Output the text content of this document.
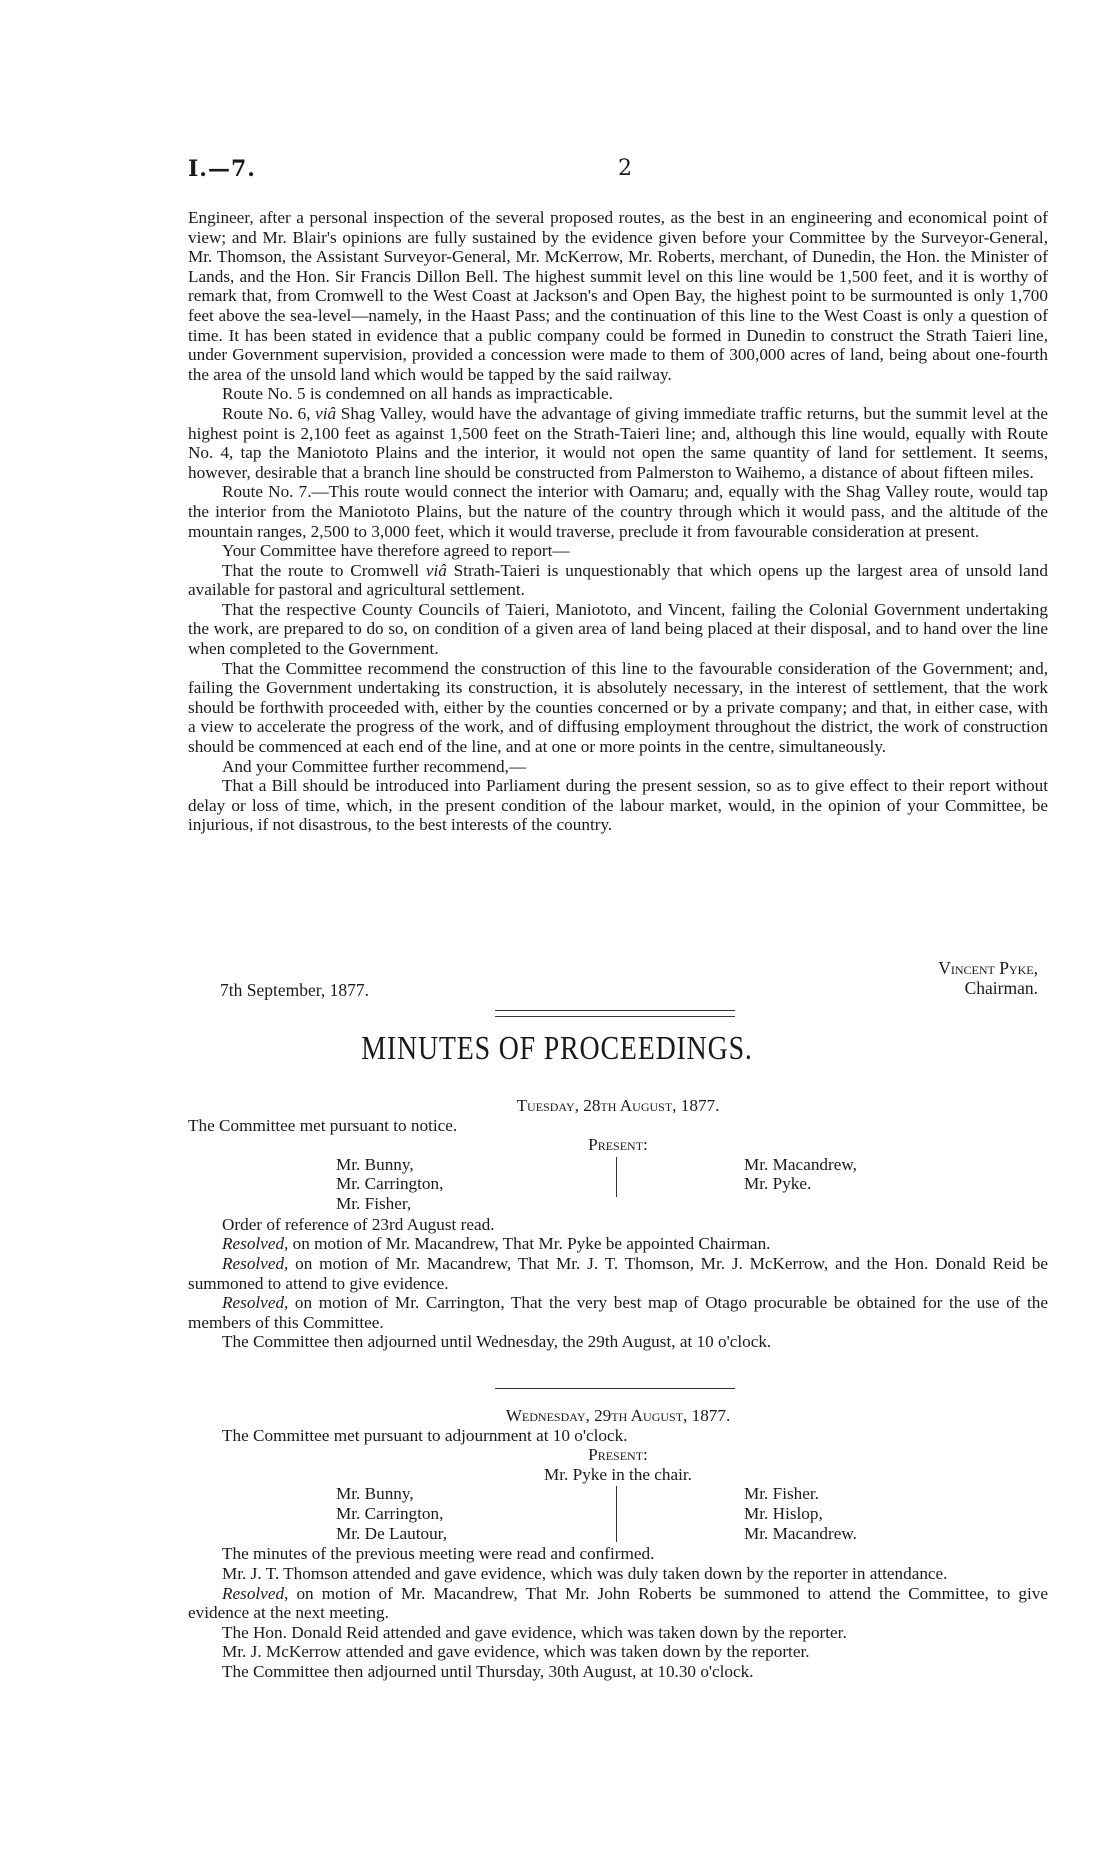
I.—7.	2

Engineer, after a personal inspection of the several proposed routes, as the best in an engineering and economical point of view; and Mr. Blair's opinions are fully sustained by the evidence given before your Committee by the Surveyor-General, Mr. Thomson, the Assistant Surveyor-General, Mr. McKerrow, Mr. Roberts, merchant, of Dunedin, the Hon. the Minister of Lands, and the Hon. Sir Francis Dillon Bell. The highest summit level on this line would be 1,500 feet, and it is worthy of remark that, from Cromwell to the West Coast at Jackson's and Open Bay, the highest point to be surmounted is only 1,700 feet above the sea-level—namely, in the Haast Pass; and the continuation of this line to the West Coast is only a question of time. It has been stated in evidence that a public company could be formed in Dunedin to construct the Strath Taieri line, under Government supervision, provided a concession were made to them of 300,000 acres of land, being about one-fourth the area of the unsold land which would be tapped by the said railway.

Route No. 5 is condemned on all hands as impracticable.

Route No. 6, viâ Shag Valley, would have the advantage of giving immediate traffic returns, but the summit level at the highest point is 2,100 feet as against 1,500 feet on the Strath-Taieri line; and, although this line would, equally with Route No. 4, tap the Maniototo Plains and the interior, it would not open the same quantity of land for settlement. It seems, however, desirable that a branch line should be constructed from Palmerston to Waihemo, a distance of about fifteen miles.

Route No. 7.—This route would connect the interior with Oamaru; and, equally with the Shag Valley route, would tap the interior from the Maniototo Plains, but the nature of the country through which it would pass, and the altitude of the mountain ranges, 2,500 to 3,000 feet, which it would traverse, preclude it from favourable consideration at present.

Your Committee have therefore agreed to report—

That the route to Cromwell viâ Strath-Taieri is unquestionably that which opens up the largest area of unsold land available for pastoral and agricultural settlement.

That the respective County Councils of Taieri, Maniototo, and Vincent, failing the Colonial Government undertaking the work, are prepared to do so, on condition of a given area of land being placed at their disposal, and to hand over the line when completed to the Government.

That the Committee recommend the construction of this line to the favourable consideration of the Government; and, failing the Government undertaking its construction, it is absolutely necessary, in the interest of settlement, that the work should be forthwith proceeded with, either by the counties concerned or by a private company; and that, in either case, with a view to accelerate the progress of the work, and of diffusing employment throughout the district, the work of construction should be commenced at each end of the line, and at one or more points in the centre, simultaneously.

And your Committee further recommend,—

That a Bill should be introduced into Parliament during the present session, so as to give effect to their report without delay or loss of time, which, in the present condition of the labour market, would, in the opinion of your Committee, be injurious, if not disastrous, to the best interests of the country.

7th September, 1877.
Vincent Pyke,
Chairman.
MINUTES OF PROCEEDINGS.

Tuesday, 28th August, 1877.

The Committee met pursuant to notice.

Present:

Mr. Bunny,
Mr. Carrington,
Mr. Fisher,
Mr. Macandrew,
Mr. Pyke.

Order of reference of 23rd August read.

Resolved, on motion of Mr. Macandrew, That Mr. Pyke be appointed Chairman.

Resolved, on motion of Mr. Macandrew, That Mr. J. T. Thomson, Mr. J. McKerrow, and the Hon. Donald Reid be summoned to attend to give evidence.

Resolved, on motion of Mr. Carrington, That the very best map of Otago procurable be obtained for the use of the members of this Committee.

The Committee then adjourned until Wednesday, the 29th August, at 10 o'clock.

Wednesday, 29th August, 1877.

The Committee met pursuant to adjournment at 10 o'clock.

Present:

Mr. Pyke in the chair.

Mr. Bunny,
Mr. Carrington,
Mr. De Lautour,
Mr. Fisher.
Mr. Hislop,
Mr. Macandrew.

The minutes of the previous meeting were read and confirmed.

Mr. J. T. Thomson attended and gave evidence, which was duly taken down by the reporter in attendance.

Resolved, on motion of Mr. Macandrew, That Mr. John Roberts be summoned to attend the Committee, to give evidence at the next meeting.

The Hon. Donald Reid attended and gave evidence, which was taken down by the reporter.

Mr. J. McKerrow attended and gave evidence, which was taken down by the reporter.

The Committee then adjourned until Thursday, 30th August, at 10.30 o'clock.
